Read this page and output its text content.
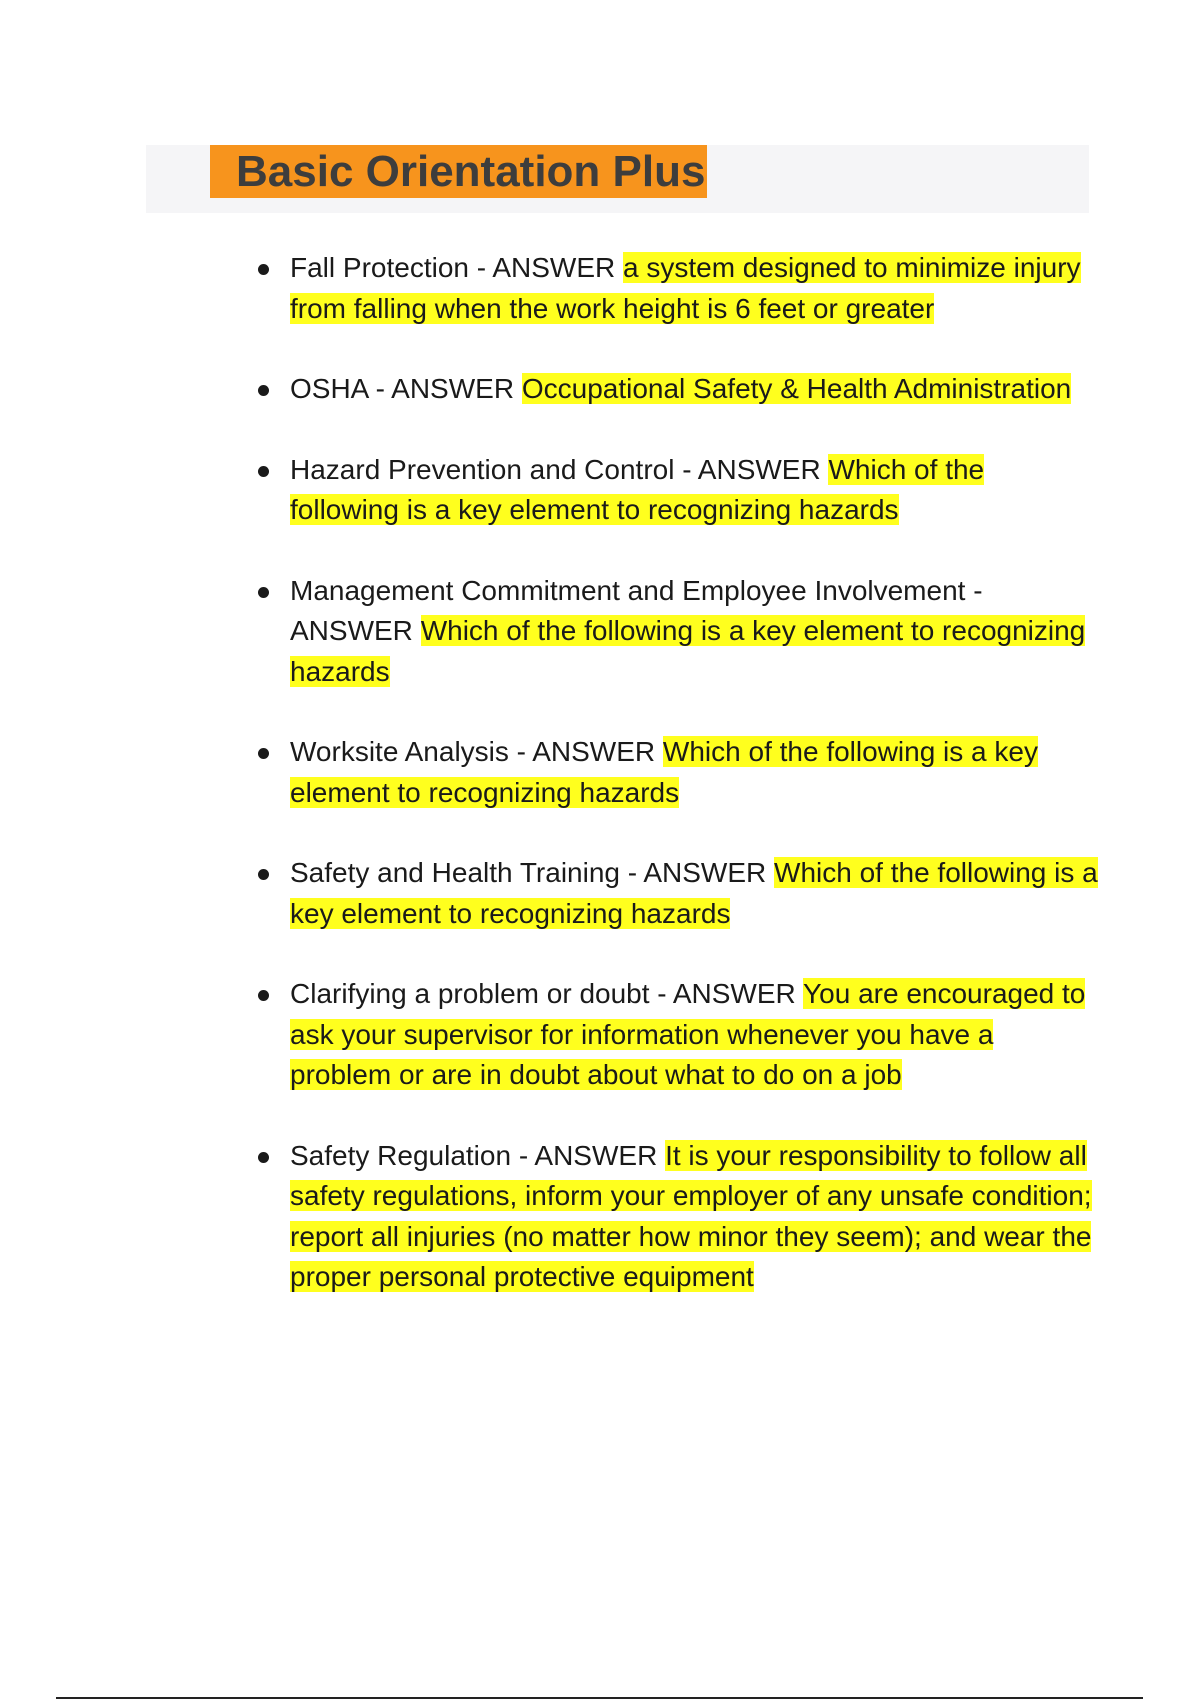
Basic Orientation Plus
Fall Protection - ANSWER a system designed to minimize injury from falling when the work height is 6 feet or greater
OSHA - ANSWER Occupational Safety & Health Administration
Hazard Prevention and Control - ANSWER Which of the following is a key element to recognizing hazards
Management Commitment and Employee Involvement - ANSWER Which of the following is a key element to recognizing hazards
Worksite Analysis - ANSWER Which of the following is a key element to recognizing hazards
Safety and Health Training - ANSWER Which of the following is a key element to recognizing hazards
Clarifying a problem or doubt - ANSWER You are encouraged to ask your supervisor for information whenever you have a problem or are in doubt about what to do on a job
Safety Regulation - ANSWER It is your responsibility to follow all safety regulations, inform your employer of any unsafe condition; report all injuries (no matter how minor they seem); and wear the proper personal protective equipment
